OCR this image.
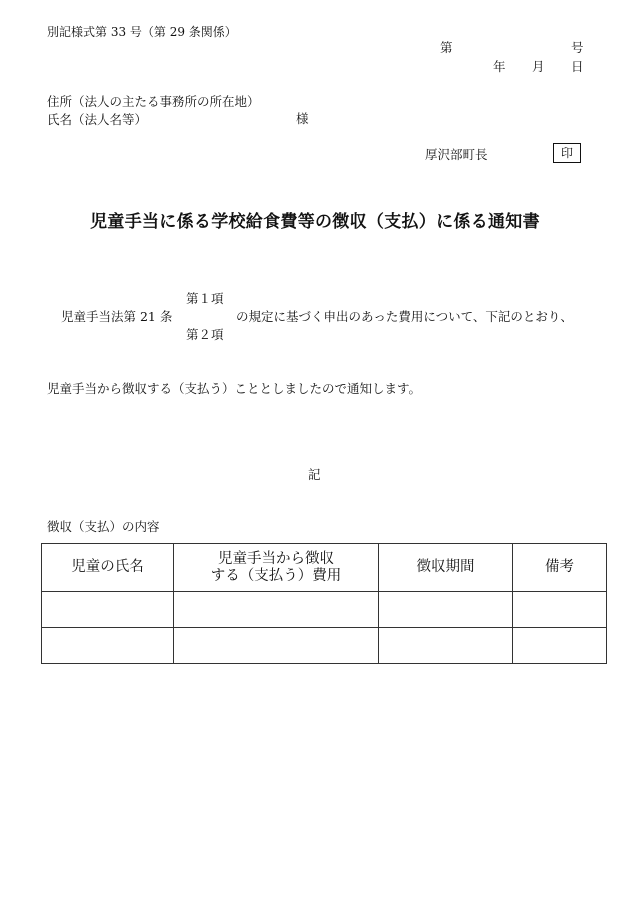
別記様式第 33 号（第 29 条関係）
第	号
年 月 日
住所（法人の主たる事務所の所在地）
氏名（法人名等）	様
厚沢部町長	印
児童手当に係る学校給食費等の徴収（支払）に係る通知書
児童手当法第 21 条
第１項
第２項
の規定に基づく申出のあった費用について、下記のとおり、
児童手当から徴収する（支払う）こととしましたので通知します。
記
徴収（支払）の内容
児童の氏名	児童手当から徴収
する（支払う）費用	徴収期間	備考
